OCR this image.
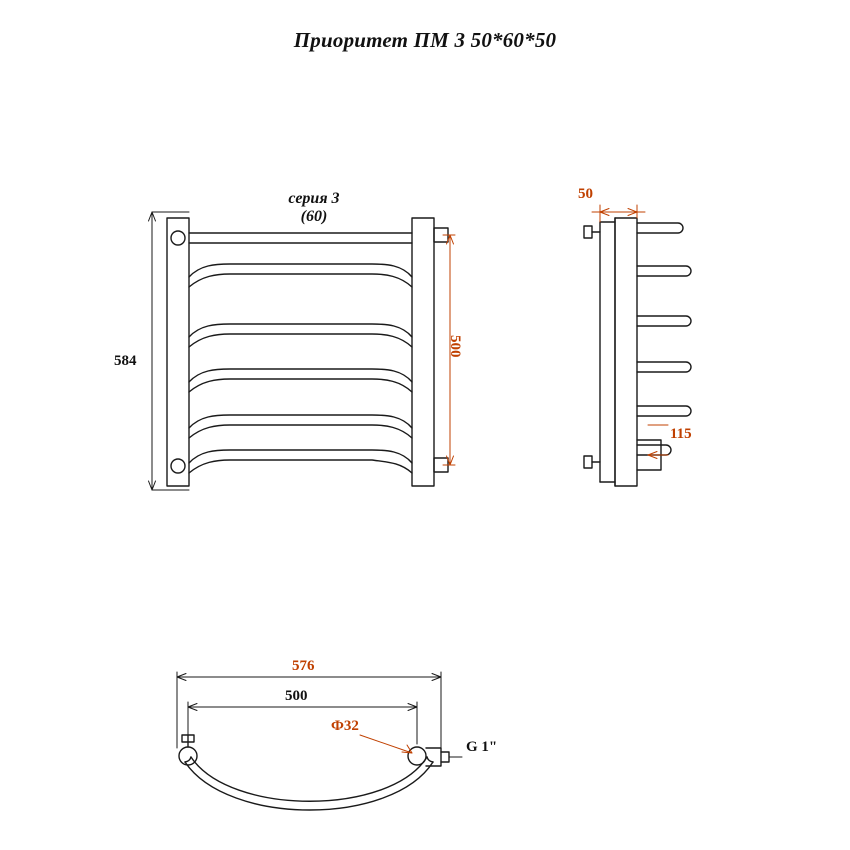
Приоритет ПМ 3 50*60*50
серия 3
(60)
584
500
50
115
576
500
Ф32
G 1"
